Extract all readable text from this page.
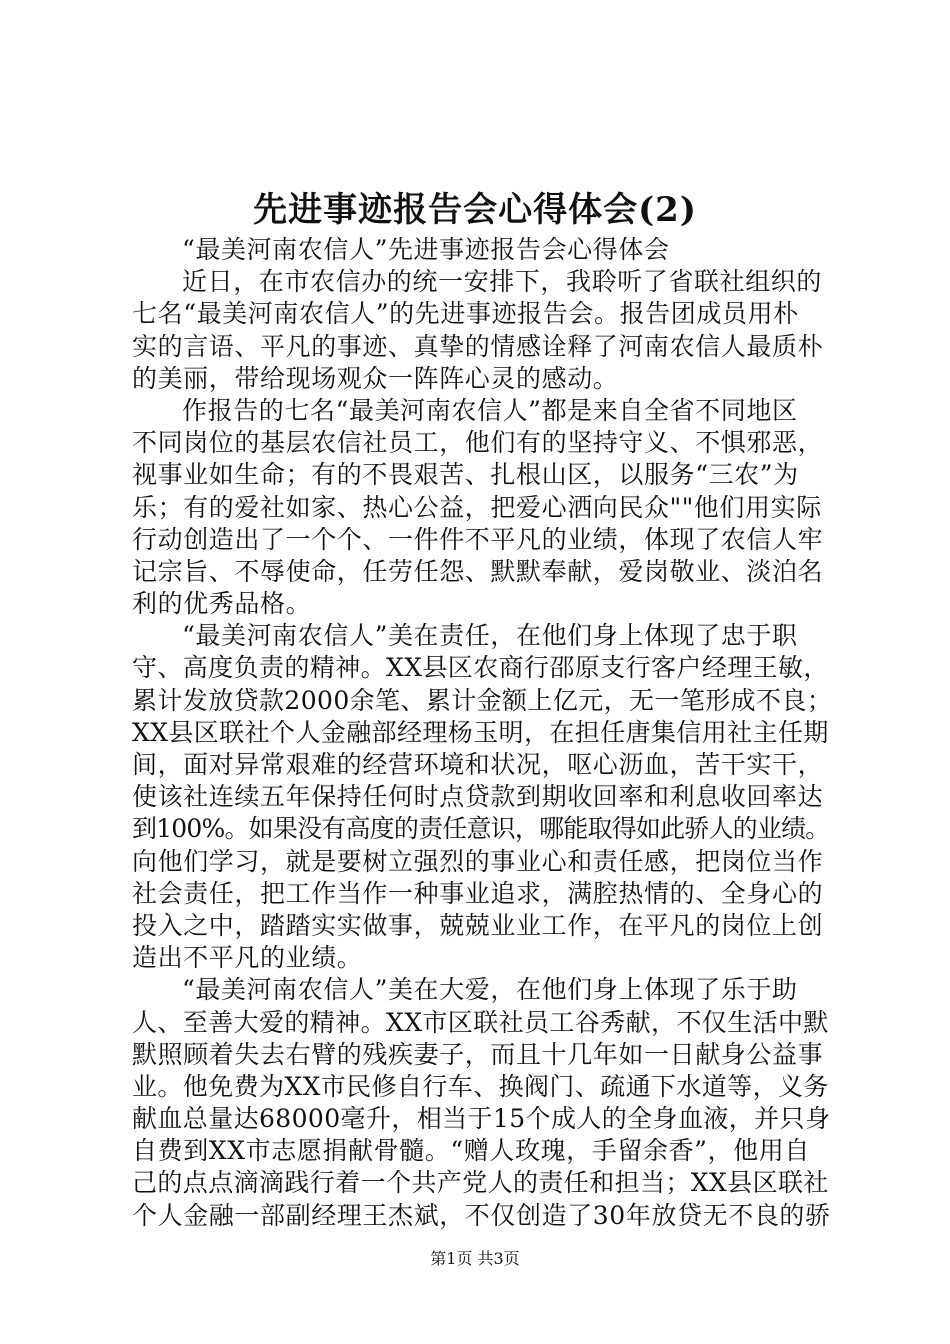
先进事迹报告会心得体会(2)
“最美河南农信人”先进事迹报告会心得体会
近日，在市农信办的统一安排下，我聆听了省联社组织的
七名“最美河南农信人”的先进事迹报告会。报告团成员用朴
实的言语、平凡的事迹、真挚的情感诠释了河南农信人最质朴
的美丽，带给现场观众一阵阵心灵的感动。
作报告的七名“最美河南农信人”都是来自全省不同地区
不同岗位的基层农信社员工，他们有的坚持守义、不惧邪恶，
视事业如生命；有的不畏艰苦、扎根山区，以服务“三农”为
乐；有的爱社如家、热心公益，把爱心洒向民众""他们用实际
行动创造出了一个个、一件件不平凡的业绩，体现了农信人牢
记宗旨、不辱使命，任劳任怨、默默奉献，爱岗敬业、淡泊名
利的优秀品格。
“最美河南农信人”美在责任，在他们身上体现了忠于职
守、高度负责的精神。XX县区农商行邵原支行客户经理王敏，
累计发放贷款2000余笔、累计金额上亿元，无一笔形成不良；
XX县区联社个人金融部经理杨玉明，在担任唐集信用社主任期
间，面对异常艰难的经营环境和状况，呕心沥血，苦干实干，
使该社连续五年保持任何时点贷款到期收回率和利息收回率达
到100%。如果没有高度的责任意识，哪能取得如此骄人的业绩。
向他们学习，就是要树立强烈的事业心和责任感，把岗位当作
社会责任，把工作当作一种事业追求，满腔热情的、全身心的
投入之中，踏踏实实做事，兢兢业业工作，在平凡的岗位上创
造出不平凡的业绩。
“最美河南农信人”美在大爱，在他们身上体现了乐于助
人、至善大爱的精神。XX市区联社员工谷秀献，不仅生活中默
默照顾着失去右臂的残疾妻子，而且十几年如一日献身公益事
业。他免费为XX市民修自行车、换阀门、疏通下水道等，义务
献血总量达68000毫升，相当于15个成人的全身血液，并只身
自费到XX市志愿捐献骨髓。“赠人玫瑰，手留余香”，他用自
己的点点滴滴践行着一个共产党人的责任和担当；XX县区联社
个人金融一部副经理王杰斌，不仅创造了30年放贷无不良的骄
第1页 共3页
